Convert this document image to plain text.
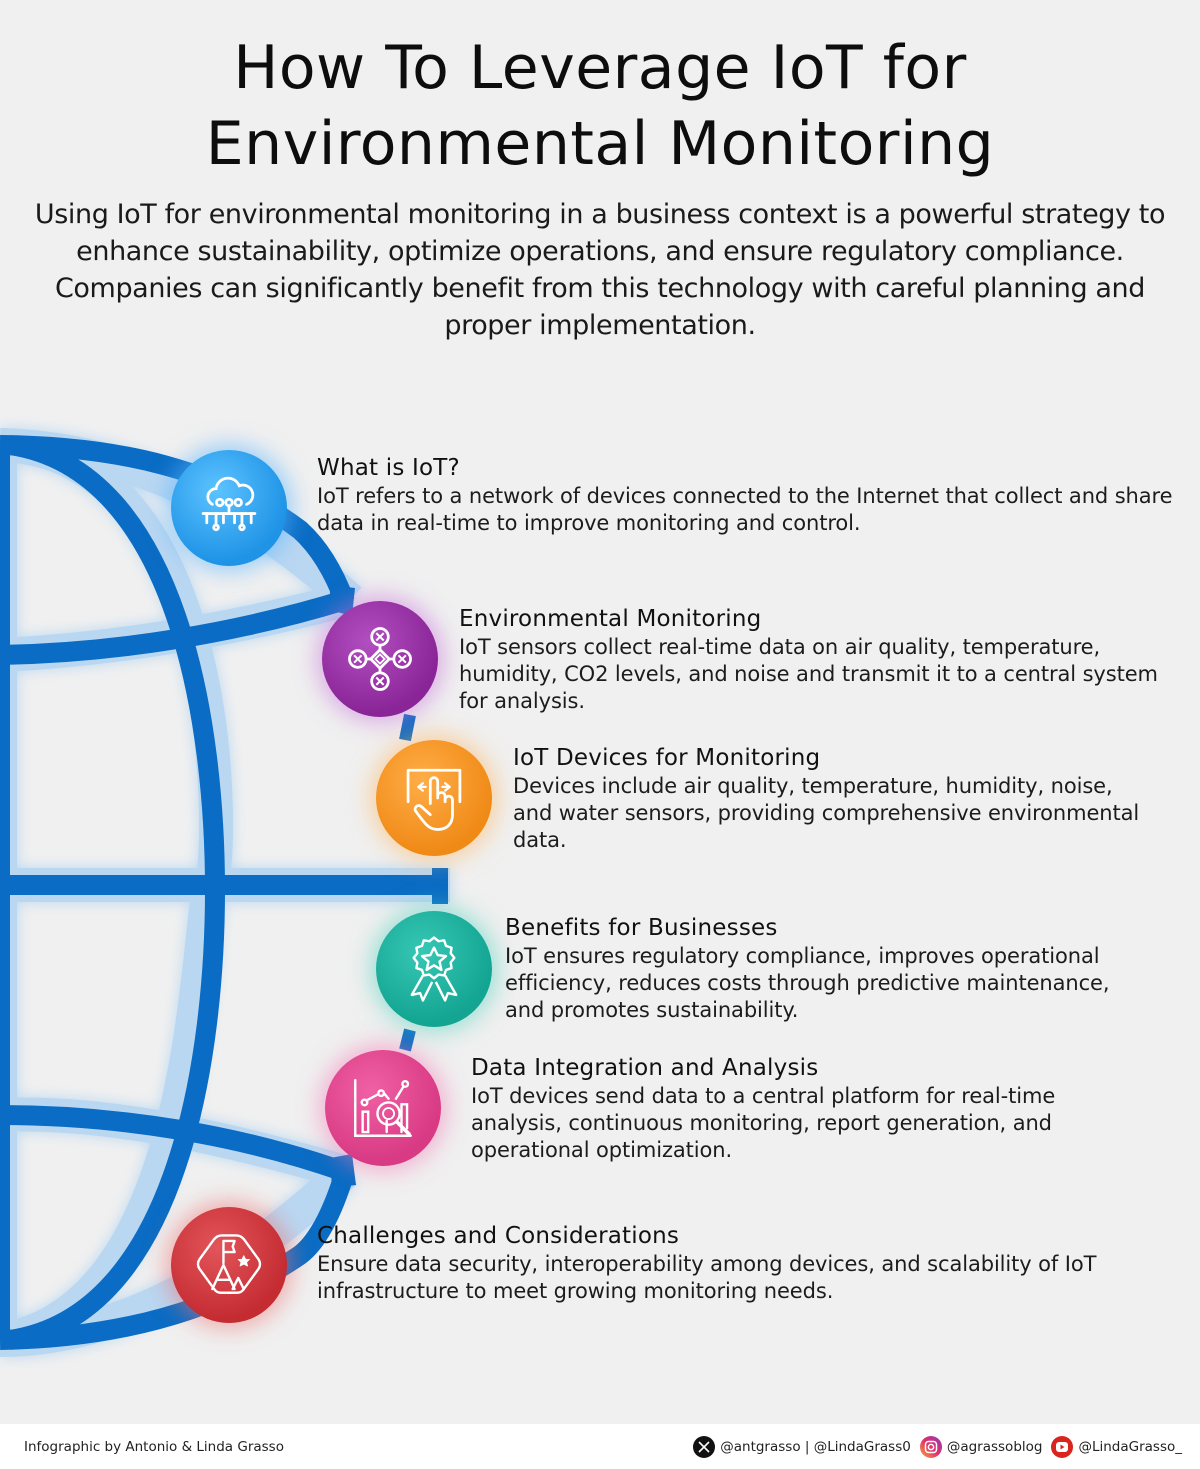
How To Leverage IoT for
Environmental Monitoring
Using IoT for environmental monitoring in a business context is a powerful strategy to enhance sustainability, optimize operations, and ensure regulatory compliance. Companies can significantly benefit from this technology with careful planning and proper implementation.
What is IoT?
IoT refers to a network of devices connected to the Internet that collect and share data in real-time to improve monitoring and control.
Environmental Monitoring
IoT sensors collect real-time data on air quality, temperature, humidity, CO2 levels, and noise and transmit it to a central system for analysis.
IoT Devices for Monitoring
Devices include air quality, temperature, humidity, noise, and water sensors, providing comprehensive environmental data.
Benefits for Businesses
IoT ensures regulatory compliance, improves operational efficiency, reduces costs through predictive maintenance, and promotes sustainability.
Data Integration and Analysis
IoT devices send data to a central platform for real-time analysis, continuous monitoring, report generation, and operational optimization.
Challenges and Considerations
Ensure data security, interoperability among devices, and scalability of IoT infrastructure to meet growing monitoring needs.
Infographic by Antonio & Linda Grasso	@antgrasso | @LindaGrass0	@agrassoblog	@LindaGrasso_
